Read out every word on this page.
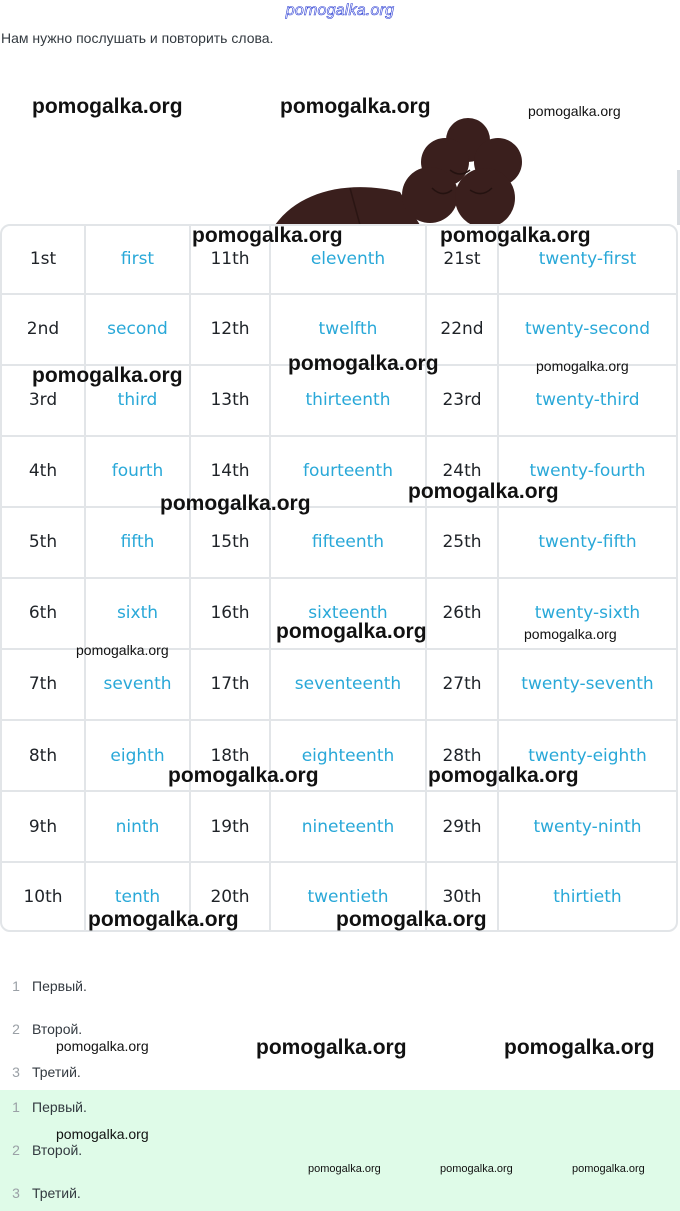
pomogalka.org
Нам нужно послушать и повторить слова.
1st	first	11th	eleventh	21st	twenty-first
2nd	second	12th	twelfth	22nd	twenty-second
3rd	third	13th	thirteenth	23rd	twenty-third
4th	fourth	14th	fourteenth	24th	twenty-fourth
5th	fifth	15th	fifteenth	25th	twenty-fifth
6th	sixth	16th	sixteenth	26th	twenty-sixth
7th	seventh	17th	seventeenth	27th	twenty-seventh
8th	eighth	18th	eighteenth	28th	twenty-eighth
9th	ninth	19th	nineteenth	29th	twenty-ninth
10th	tenth	20th	twentieth	30th	thirtieth
1 Первый.
2 Второй.
3 Третий.
1 Первый.
2 Второй.
3 Третий.
pomogalka.org	pomogalka.org	pomogalka.org
pomogalka.org	pomogalka.org
pomogalka.org	pomogalka.org
pomogalka.org
pomogalka.org
pomogalka.org
pomogalka.org	pomogalka.org
pomogalka.org
pomogalka.org	pomogalka.org
pomogalka.org	pomogalka.org
pomogalka.org	pomogalka.org
pomogalka.org
pomogalka.org
pomogalka.org	pomogalka.org	pomogalka.org
